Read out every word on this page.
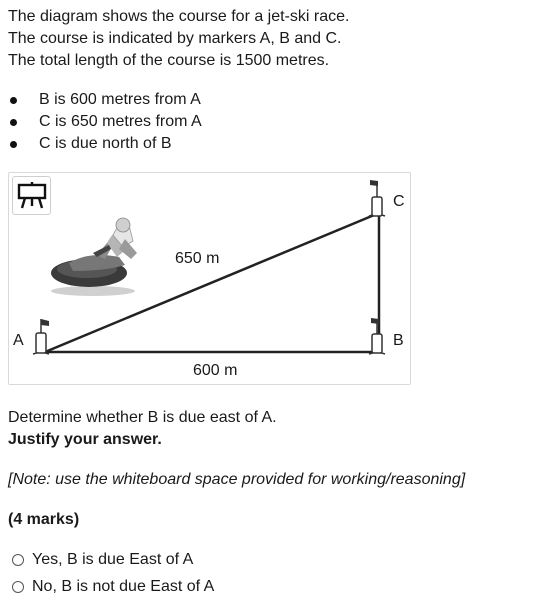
The diagram shows the course for a jet-ski race.

The course is indicated by markers A, B and C.

The total length of the course is 1500 metres.

B is 600 metres from A
C is 650 metres from A
C is due north of B
A	B
C
650 m
600 m

Determine whether B is due east of A.

Justify your answer.

[Note: use the whiteboard space provided for working/reasoning]

(4 marks)

Yes, B is due East of A
No, B is not due East of A
